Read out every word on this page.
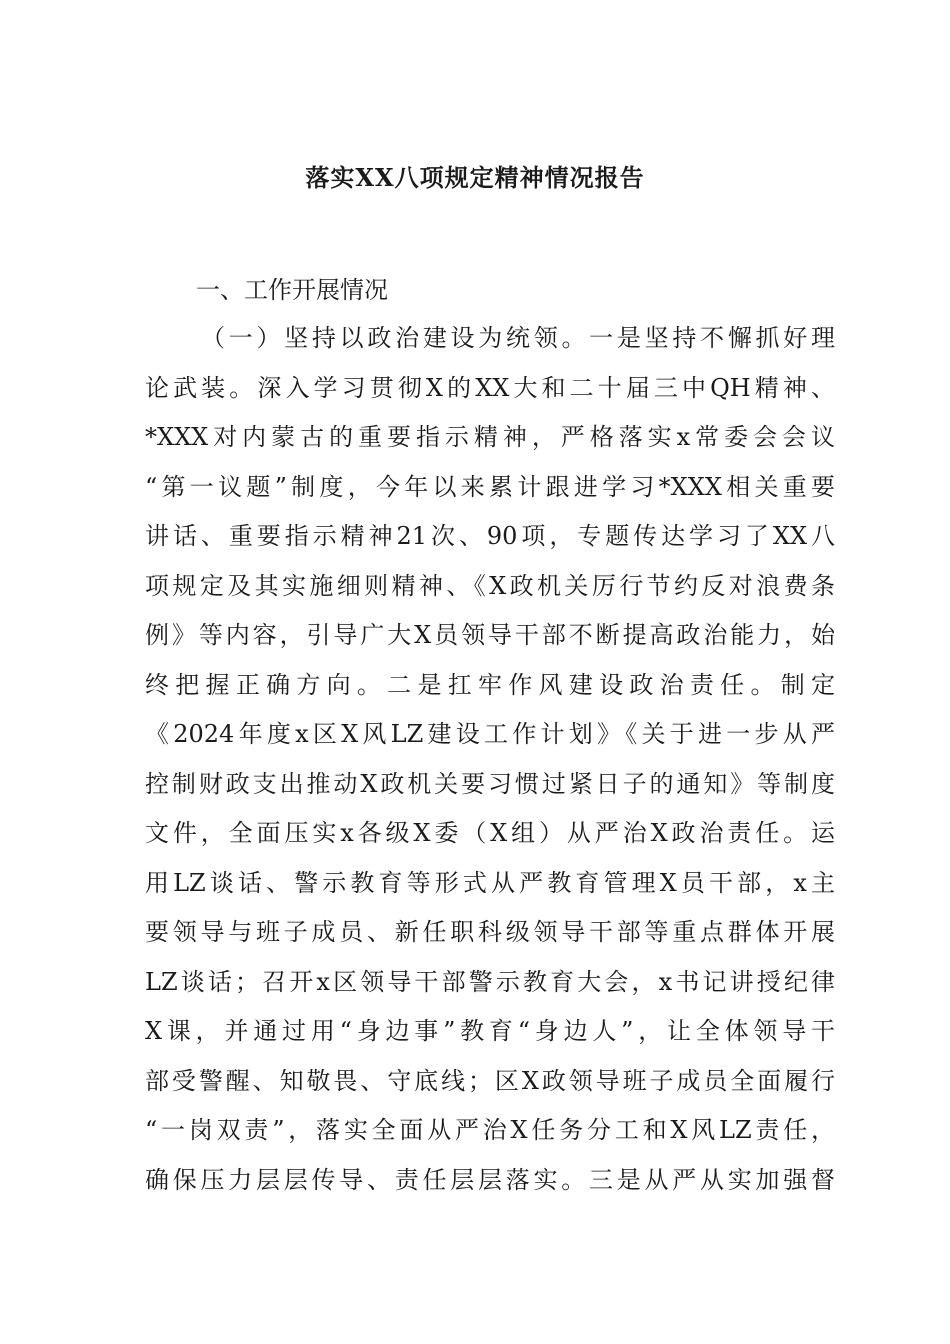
落实XX八项规定精神情况报告
一、工作开展情况
（一）坚持以政治建设为统领。一是坚持不懈抓好理
论武装。深入学习贯彻X的XX大和二十届三中QH精神、
*XXX对内蒙古的重要指示精神，严格落实x常委会会议
“第一议题”制度，今年以来累计跟进学习*XXX相关重要
讲话、重要指示精神21次、90项，专题传达学习了XX八
项规定及其实施细则精神、《X政机关厉行节约反对浪费条
例》等内容，引导广大X员领导干部不断提高政治能力，始
终把握正确方向。二是扛牢作风建设政治责任。制定
《2024年度x区X风LZ建设工作计划》《关于进一步从严
控制财政支出推动X政机关要习惯过紧日子的通知》等制度
文件，全面压实x各级X委（X组）从严治X政治责任。运
用LZ谈话、警示教育等形式从严教育管理X员干部，x主
要领导与班子成员、新任职科级领导干部等重点群体开展
LZ谈话；召开x区领导干部警示教育大会，x书记讲授纪律
X课，并通过用“身边事”教育“身边人”，让全体领导干
部受警醒、知敬畏、守底线；区X政领导班子成员全面履行
“一岗双责”，落实全面从严治X任务分工和X风LZ责任，
确保压力层层传导、责任层层落实。三是从严从实加强督
